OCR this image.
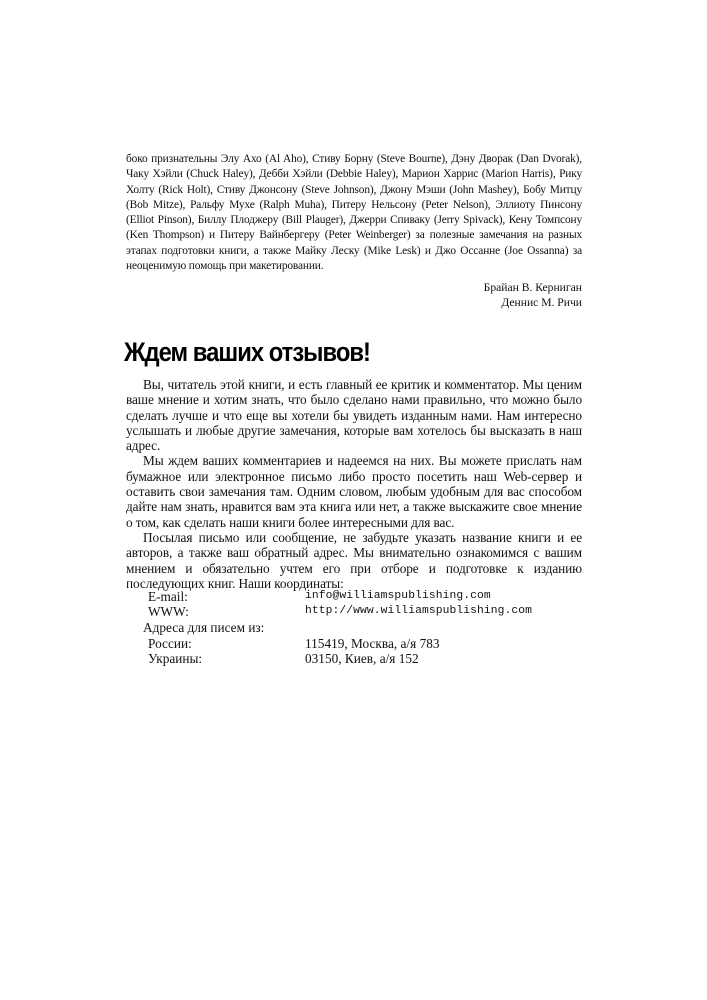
боко признательны Элу Ахо (Al Aho), Стиву Борну (Steve Bourne), Дэну Дворак (Dan Dvorak), Чаку Хэйли (Chuck Haley), Дебби Хэйли (Debbie Haley), Марион Харрис (Marion Harris), Рику Холту (Rick Holt), Стиву Джонсону (Steve Johnson), Джону Мэши (John Mashey), Бобу Митцу (Bob Mitze), Ральфу Мухе (Ralph Muha), Питеру Нельсону (Peter Nelson), Эллиоту Пинсону (Elliot Pinson), Биллу Плоджеру (Bill Plauger), Джерри Спиваку (Jerry Spivack), Кену Томпсону (Ken Thompson) и Питеру Вайнбергеру (Peter Weinberger) за полезные замечания на разных этапах подготовки книги, а также Майку Леску (Mike Lesk) и Джо Оссанне (Joe Ossanna) за неоценимую помощь при макетировании.

Брайан В. Керниган
Деннис М. Ричи
Ждем ваших отзывов!

Вы, читатель этой книги, и есть главный ее критик и комментатор. Мы ценим ваше мнение и хотим знать, что было сделано нами правильно, что можно было сделать лучше и что еще вы хотели бы увидеть изданным нами. Нам интересно услышать и любые другие замечания, которые вам хотелось бы высказать в наш адрес.

Мы ждем ваших комментариев и надеемся на них. Вы можете прислать нам бумажное или электронное письмо либо просто посетить наш Web-сервер и оставить свои замечания там. Одним словом, любым удобным для вас способом дайте нам знать, нравится вам эта книга или нет, а также выскажите свое мнение о том, как сделать наши книги более интересными для вас.

Посылая письмо или сообщение, не забудьте указать название книги и ее авторов, а также ваш обратный адрес. Мы внимательно ознакомимся с вашим мнением и обязательно учтем его при отборе и подготовке к изданию последующих книг. Наши координаты:

E-mail:	info@williamspublishing.com
WWW:	http://www.williamspublishing.com
Адреса для писем из:
России:	115419, Москва, а/я 783
Украины:	03150, Киев, а/я 152
